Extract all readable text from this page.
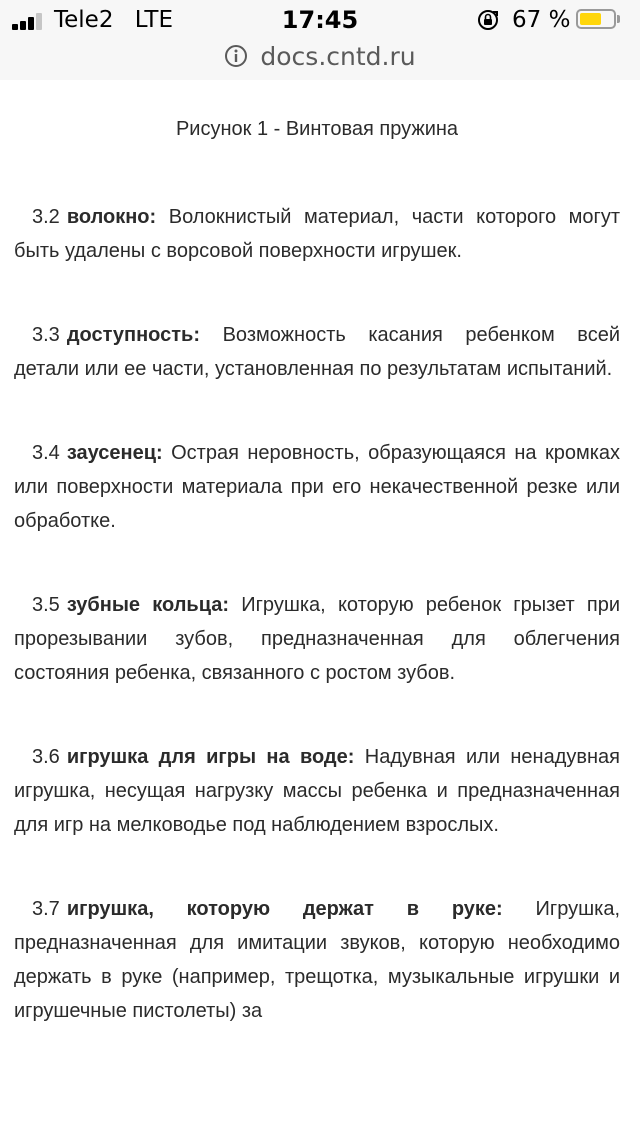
Tele2 LTE	17:45	67 %
docs.cntd.ru

Рисунок 1 - Винтовая пружина

3.2 волокно: Волокнистый материал, части которого могут быть удалены с ворсовой поверхности игрушек.

3.3 доступность: Возможность касания ребенком всей детали или ее части, установленная по результатам испытаний.

3.4 заусенец: Острая неровность, образующаяся на кромках или поверхности материала при его некачественной резке или обработке.

3.5 зубные кольца: Игрушка, которую ребенок грызет при прорезывании зубов, предназначенная для облегчения состояния ребенка, связанного с ростом зубов.

3.6 игрушка для игры на воде: Надувная или ненадувная игрушка, несущая нагрузку массы ребенка и предназначенная для игр на мелководье под наблюдением взрослых.

3.7 игрушка, которую держат в руке: Игрушка, предназначенная для имитации звуков, которую необходимо держать в руке (например, трещотка, музыкальные игрушки и игрушечные пистолеты) за
